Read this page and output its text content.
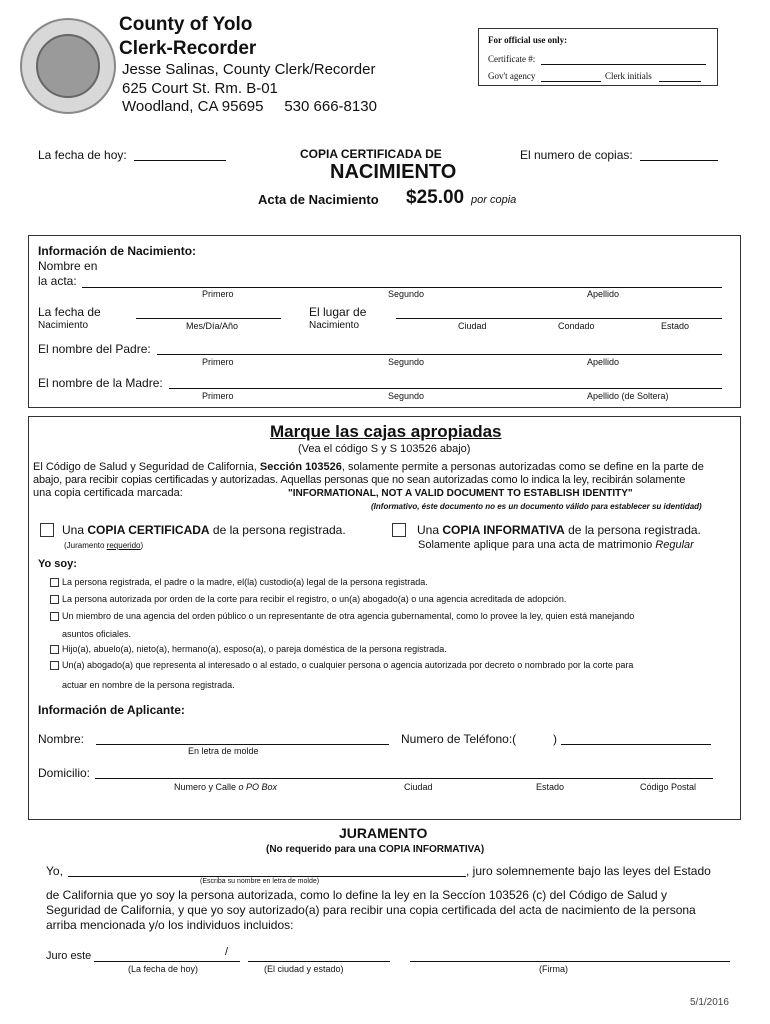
County of Yolo
Clerk-Recorder
Jesse Salinas, County Clerk/Recorder
625 Court St. Rm. B-01
Woodland, CA 95695     530 666-8130
For official use only:
Certificate #:
Gov't agency	Clerk initials
La fecha de hoy:	COPIA CERTIFICADA DE	El numero de copias:
NACIMIENTO
Acta de Nacimiento $25.00 por copia
Información de Nacimiento:
Nombre en
la acta:
Primero	Segundo	Apellido
La fecha de
Nacimiento	Mes/Día/Año
El lugar de
Nacimiento	Ciudad	Condado	Estado
El nombre del Padre:
Primero	Segundo	Apellido
El nombre de la Madre:
Primero	Segundo	Apellido (de Soltera)
Marque las cajas apropiadas
(Vea el código S y S 103526 abajo)
El Código de Salud y Seguridad de California, Sección 103526, solamente permite a personas autorizadas como se define en la parte de
abajo, para recibir copias certificadas y autorizadas. Aquellas personas que no sean autorizadas como lo indica la ley, recibirán solamente
una copia certificada marcada:	"INFORMATIONAL, NOT A VALID DOCUMENT TO ESTABLISH IDENTITY"
(Informativo, éste documento no es un documento válido para establecer su identidad)
Una COPIA CERTIFICADA de la persona registrada.
(Juramento requerido)
Una COPIA INFORMATIVA de la persona registrada.
Solamente aplique para una acta de matrimonio Regular
Yo soy:
La persona registrada, el padre o la madre, el(la) custodio(a) legal de la persona registrada.
La persona autorizada por orden de la corte para recibir el registro, o un(a) abogado(a) o una agencia acreditada de adopción.
Un miembro de una agencia del orden público o un representante de otra agencia gubernamental, como lo provee la ley, quien está manejando
asuntos oficiales.
Hijo(a), abuelo(a), nieto(a), hermano(a), esposo(a), o pareja doméstica de la persona registrada.
Un(a) abogado(a) que representa al interesado o al estado, o cualquier persona o agencia autorizada por decreto o nombrado por la corte para
actuar en nombre de la persona registrada.
Información de Aplicante:
Nombre:
En letra de molde
Numero de Teléfono:(	)
Domicilio:
Numero y Calle o PO Box	Ciudad	Estado	Código Postal
JURAMENTO
(No requerido para una COPIA INFORMATIVA)
Yo,	, juro solemnemente bajo las leyes del Estado
(Escriba su nombre en letra de molde)
de California que yo soy la persona autorizada, como lo define la ley en la Seccíon 103526 (c) del Código de Salud y
Seguridad de California, y que yo soy autorizado(a) para recibir una copia certificada del acta de nacimiento de la persona
arriba mencionada y/o los individuos incluidos:
Juro este	/
(La fecha de hoy)	(El ciudad y estado)	(Firma)
5/1/2016
